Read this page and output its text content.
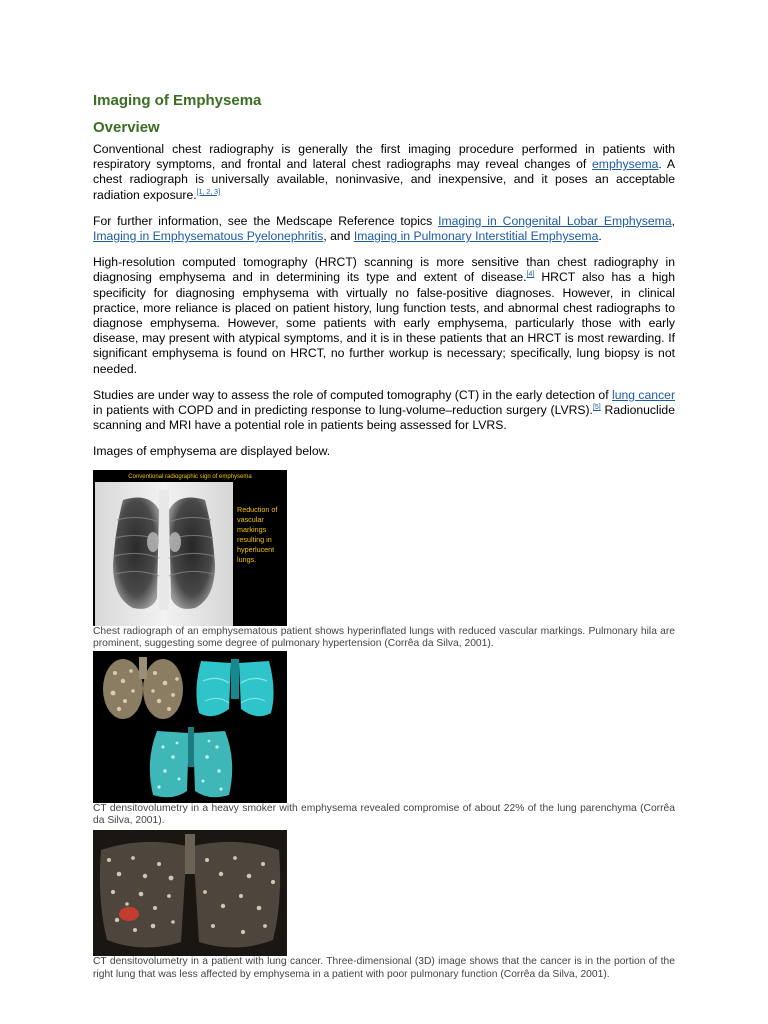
Imaging of Emphysema
Overview

Conventional chest radiography is generally the first imaging procedure performed in patients with respiratory symptoms, and frontal and lateral chest radiographs may reveal changes of emphysema. A chest radiograph is universally available, noninvasive, and inexpensive, and it poses an acceptable radiation exposure.[1, 2, 3]

For further information, see the Medscape Reference topics Imaging in Congenital Lobar Emphysema, Imaging in Emphysematous Pyelonephritis, and Imaging in Pulmonary Interstitial Emphysema.

High-resolution computed tomography (HRCT) scanning is more sensitive than chest radiography in diagnosing emphysema and in determining its type and extent of disease.[4] HRCT also has a high specificity for diagnosing emphysema with virtually no false-positive diagnoses. However, in clinical practice, more reliance is placed on patient history, lung function tests, and abnormal chest radiographs to diagnose emphysema. However, some patients with early emphysema, particularly those with early disease, may present with atypical symptoms, and it is in these patients that an HRCT is most rewarding. If significant emphysema is found on HRCT, no further workup is necessary; specifically, lung biopsy is not needed.

Studies are under way to assess the role of computed tomography (CT) in the early detection of lung cancer in patients with COPD and in predicting response to lung-volume–reduction surgery (LVRS).[5] Radionuclide scanning and MRI have a potential role in patients being assessed for LVRS.

Images of emphysema are displayed below.

Conventional radiographic sign of emphysema
Reduction of
vascular
markings
resulting in
hyperlucent
lungs.

Chest radiograph of an emphysematous patient shows hyperinflated lungs with reduced vascular markings. Pulmonary hila are prominent, suggesting some degree of pulmonary hypertension (Corrêa da Silva, 2001).

CT densitovolumetry in a heavy smoker with emphysema revealed compromise of about 22% of the lung parenchyma (Corrêa da Silva, 2001).

CT densitovolumetry in a patient with lung cancer. Three-dimensional (3D) image shows that the cancer is in the portion of the right lung that was less affected by emphysema in a patient with poor pulmonary function (Corrêa da Silva, 2001).
